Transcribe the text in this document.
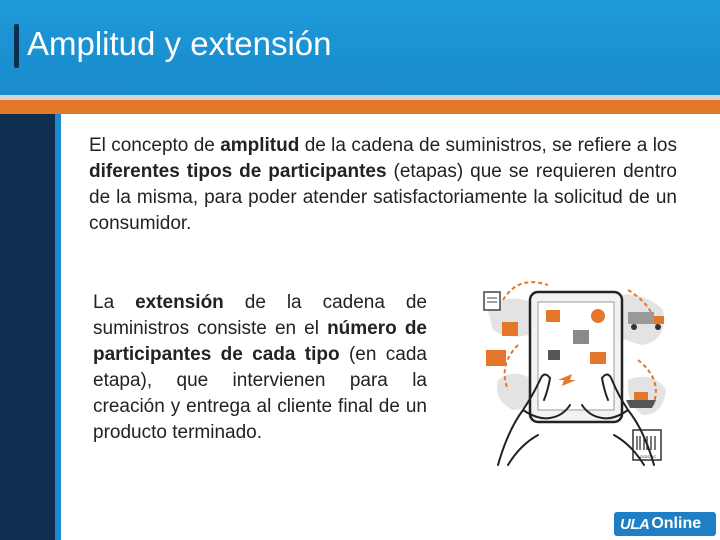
Amplitud y extensión

El concepto de amplitud de la cadena de suministros, se refiere a los diferentes tipos de participantes (etapas) que se requieren dentro de la misma, para poder atender satisfactoriamente la solicitud de un consumidor.

La extensión de la cadena de suministros consiste en el número de participantes de cada tipo (en cada etapa), que intervienen para la creación y entrega al cliente final de un producto terminado.

LOGISTIC
ULA Online
